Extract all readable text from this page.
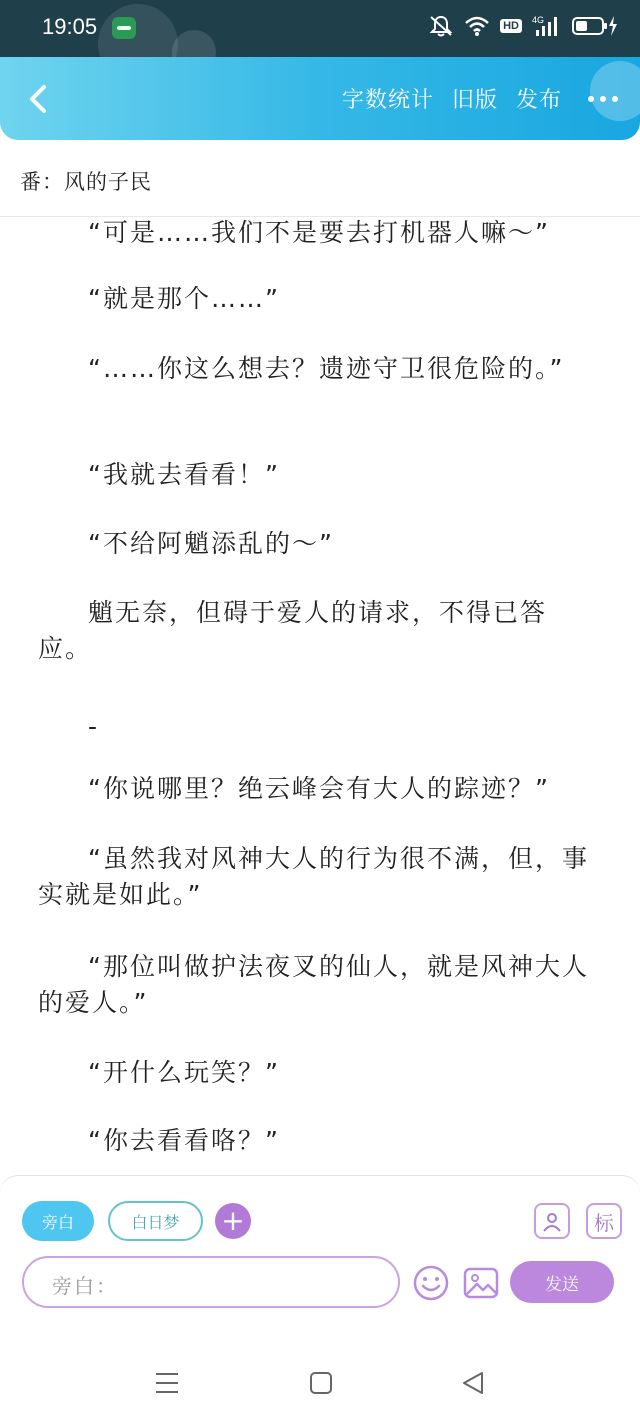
19:05	HD	4G
字数统计 旧版 发布
番：风的子民

“可是……我们不是要去打机器人嘛～”

“就是那个……”

“……你这么想去？遗迹守卫很危险的。”

“我就去看看！”

“不给阿魈添乱的～”

魈无奈，但碍于爱人的请求，不得已答应。

-

“你说哪里？绝云峰会有大人的踪迹？”

“虽然我对风神大人的行为很不满，但，事实就是如此。”

“那位叫做护法夜叉的仙人，就是风神大人的爱人。”

“开什么玩笑？”

“你去看看咯？”

旁白	白日梦	+	标
旁白：	发送
